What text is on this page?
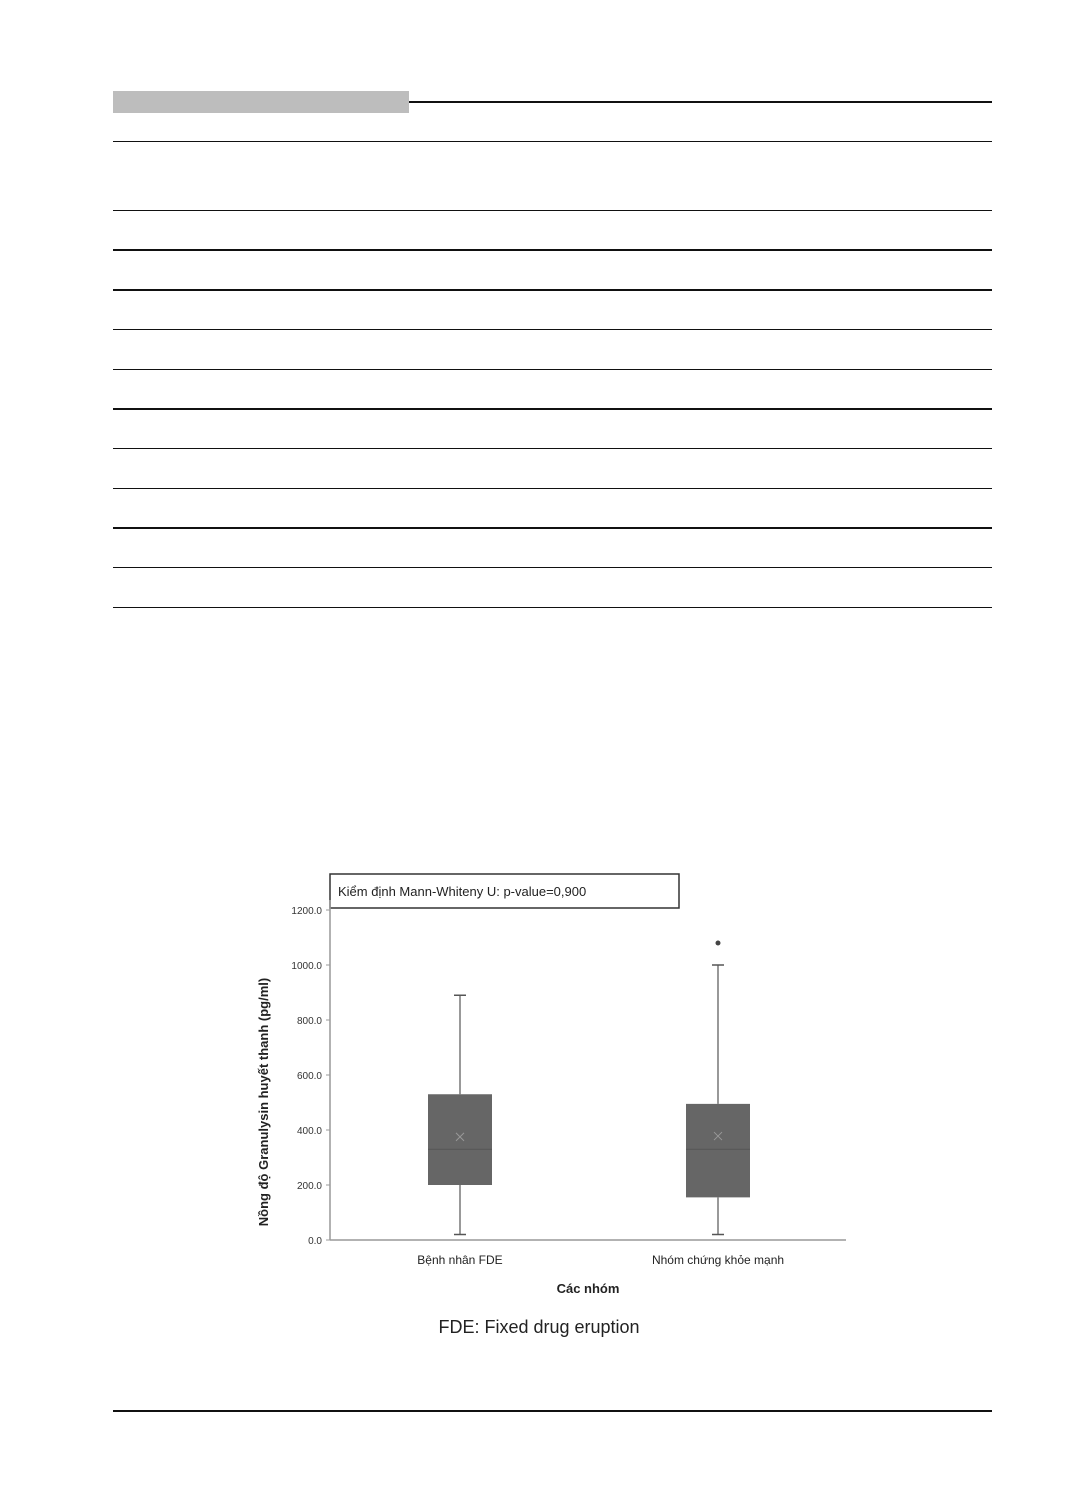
Kiểm định Mann-Whiteny U: p-value=0,900
Nồng độ Granulysin huyết thanh (pg/ml)
Các nhóm
0.0
200.0
400.0
600.0
800.0
1000.0
1200.0
Bệnh nhân FDE	Nhóm chứng khỏe mạnh
FDE: Fixed drug eruption
